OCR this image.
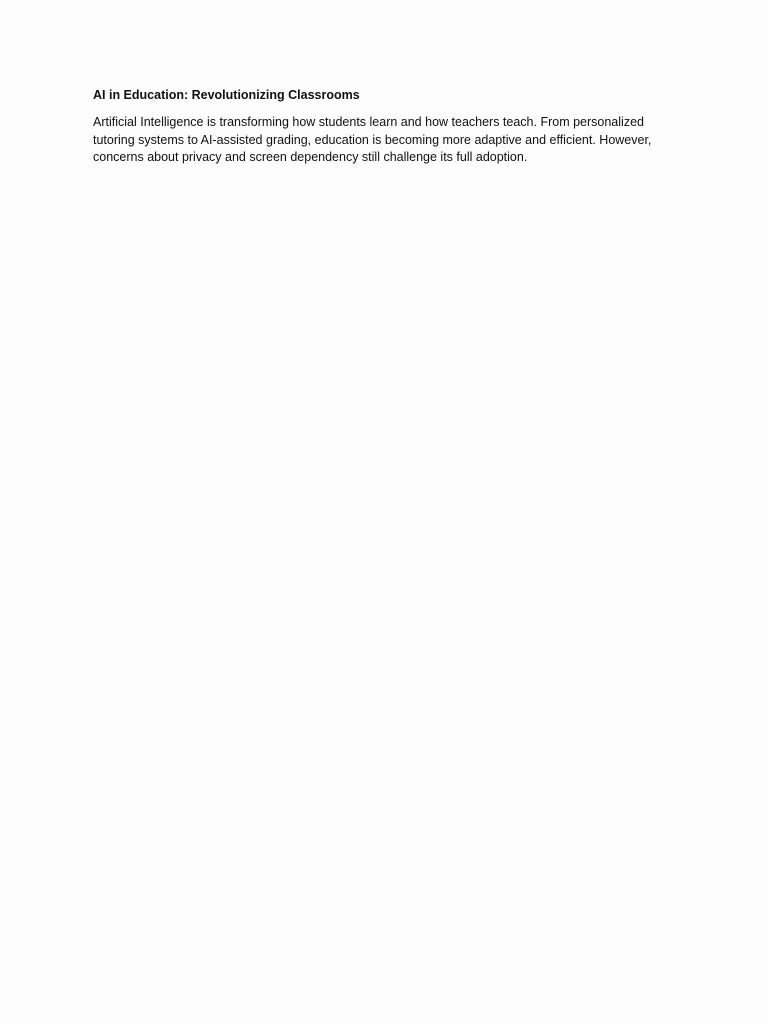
AI in Education: Revolutionizing Classrooms

Artificial Intelligence is transforming how students learn and how teachers teach. From personalized
tutoring systems to AI-assisted grading, education is becoming more adaptive and efficient. However,
concerns about privacy and screen dependency still challenge its full adoption.
